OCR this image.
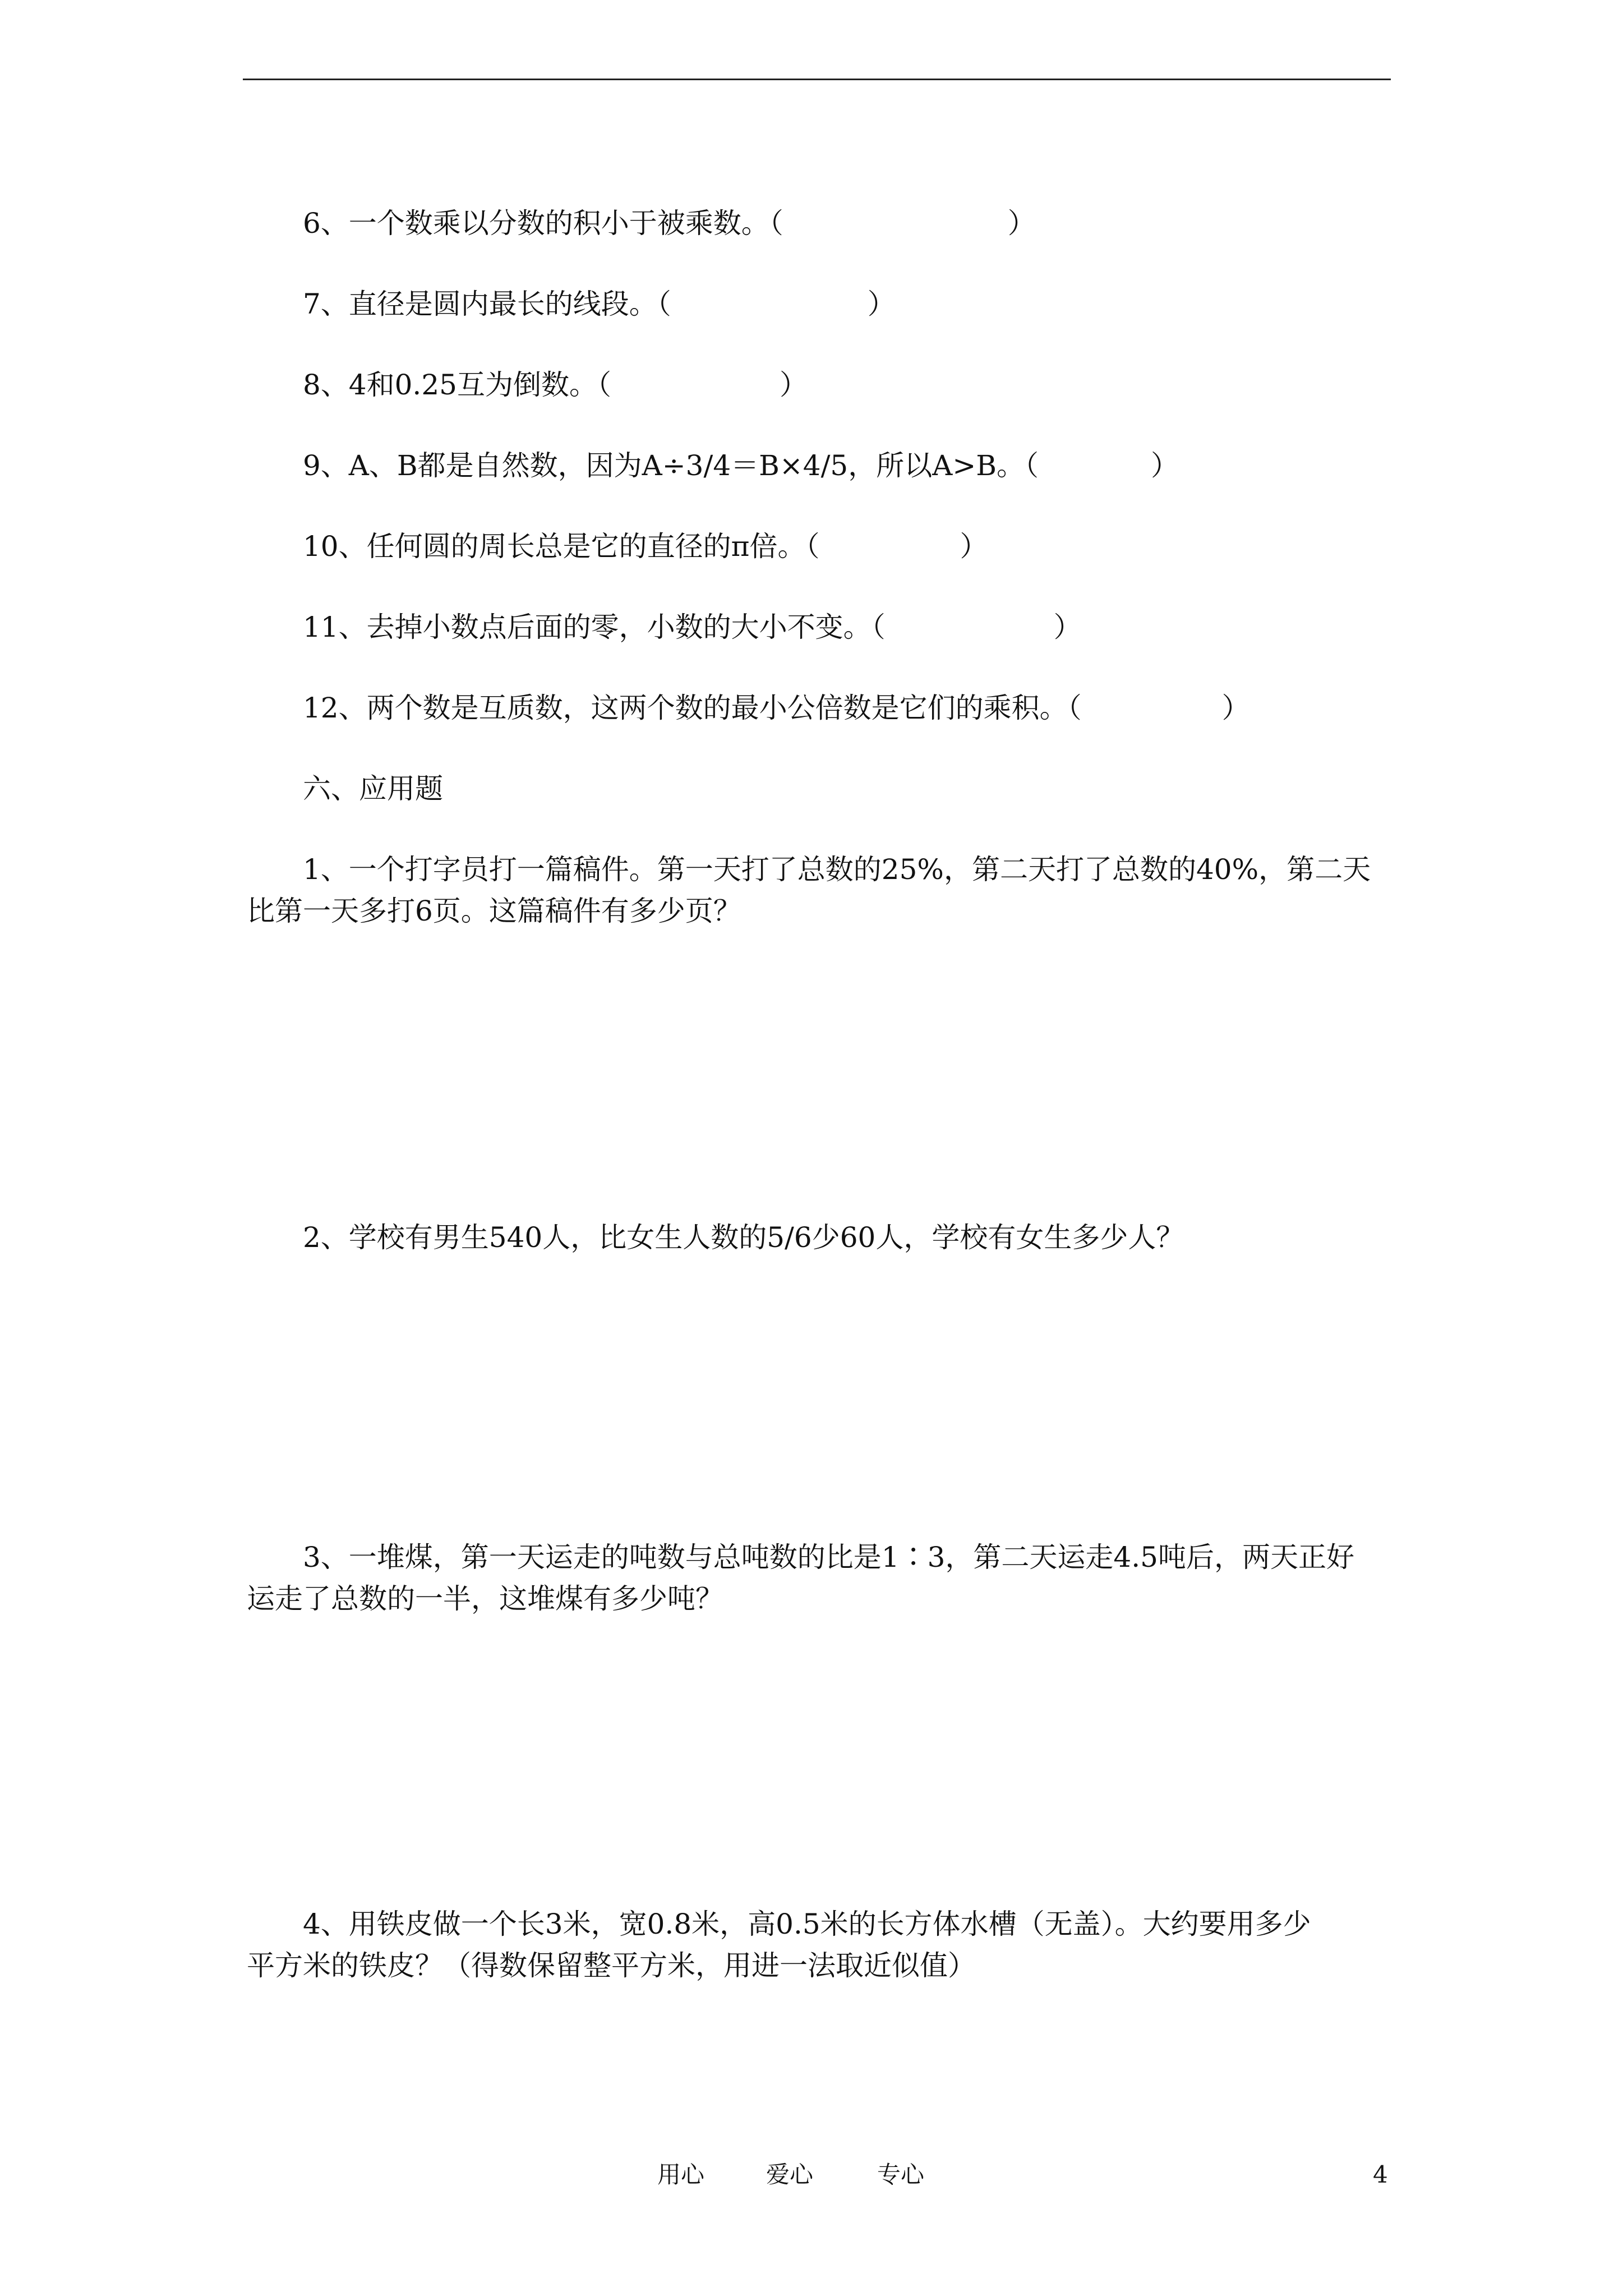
6、一个数乘以分数的积小于被乘数。（　　　　　　　　）
7、直径是圆内最长的线段。（　　　　　　　）
8、4和0.25互为倒数。（　　　　　　）
9、A、B都是自然数，因为A÷3/4＝B×4/5，所以A>B。（　　　　）
10、任何圆的周长总是它的直径的π倍。（　　　　　）
11、去掉小数点后面的零，小数的大小不变。（　　　　　　）
12、两个数是互质数，这两个数的最小公倍数是它们的乘积。（　　　　　）
六、应用题
1、一个打字员打一篇稿件。第一天打了总数的25%，第二天打了总数的40%，第二天
比第一天多打6页。这篇稿件有多少页？
2、学校有男生540人，比女生人数的5/6少60人，学校有女生多少人？
3、一堆煤，第一天运走的吨数与总吨数的比是1∶3，第二天运走4.5吨后，两天正好
运走了总数的一半，这堆煤有多少吨？
4、用铁皮做一个长3米，宽0.8米，高0.5米的长方体水槽（无盖）。大约要用多少
平方米的铁皮？（得数保留整平方米，用进一法取近似值）
用心	爱心	专心	4
